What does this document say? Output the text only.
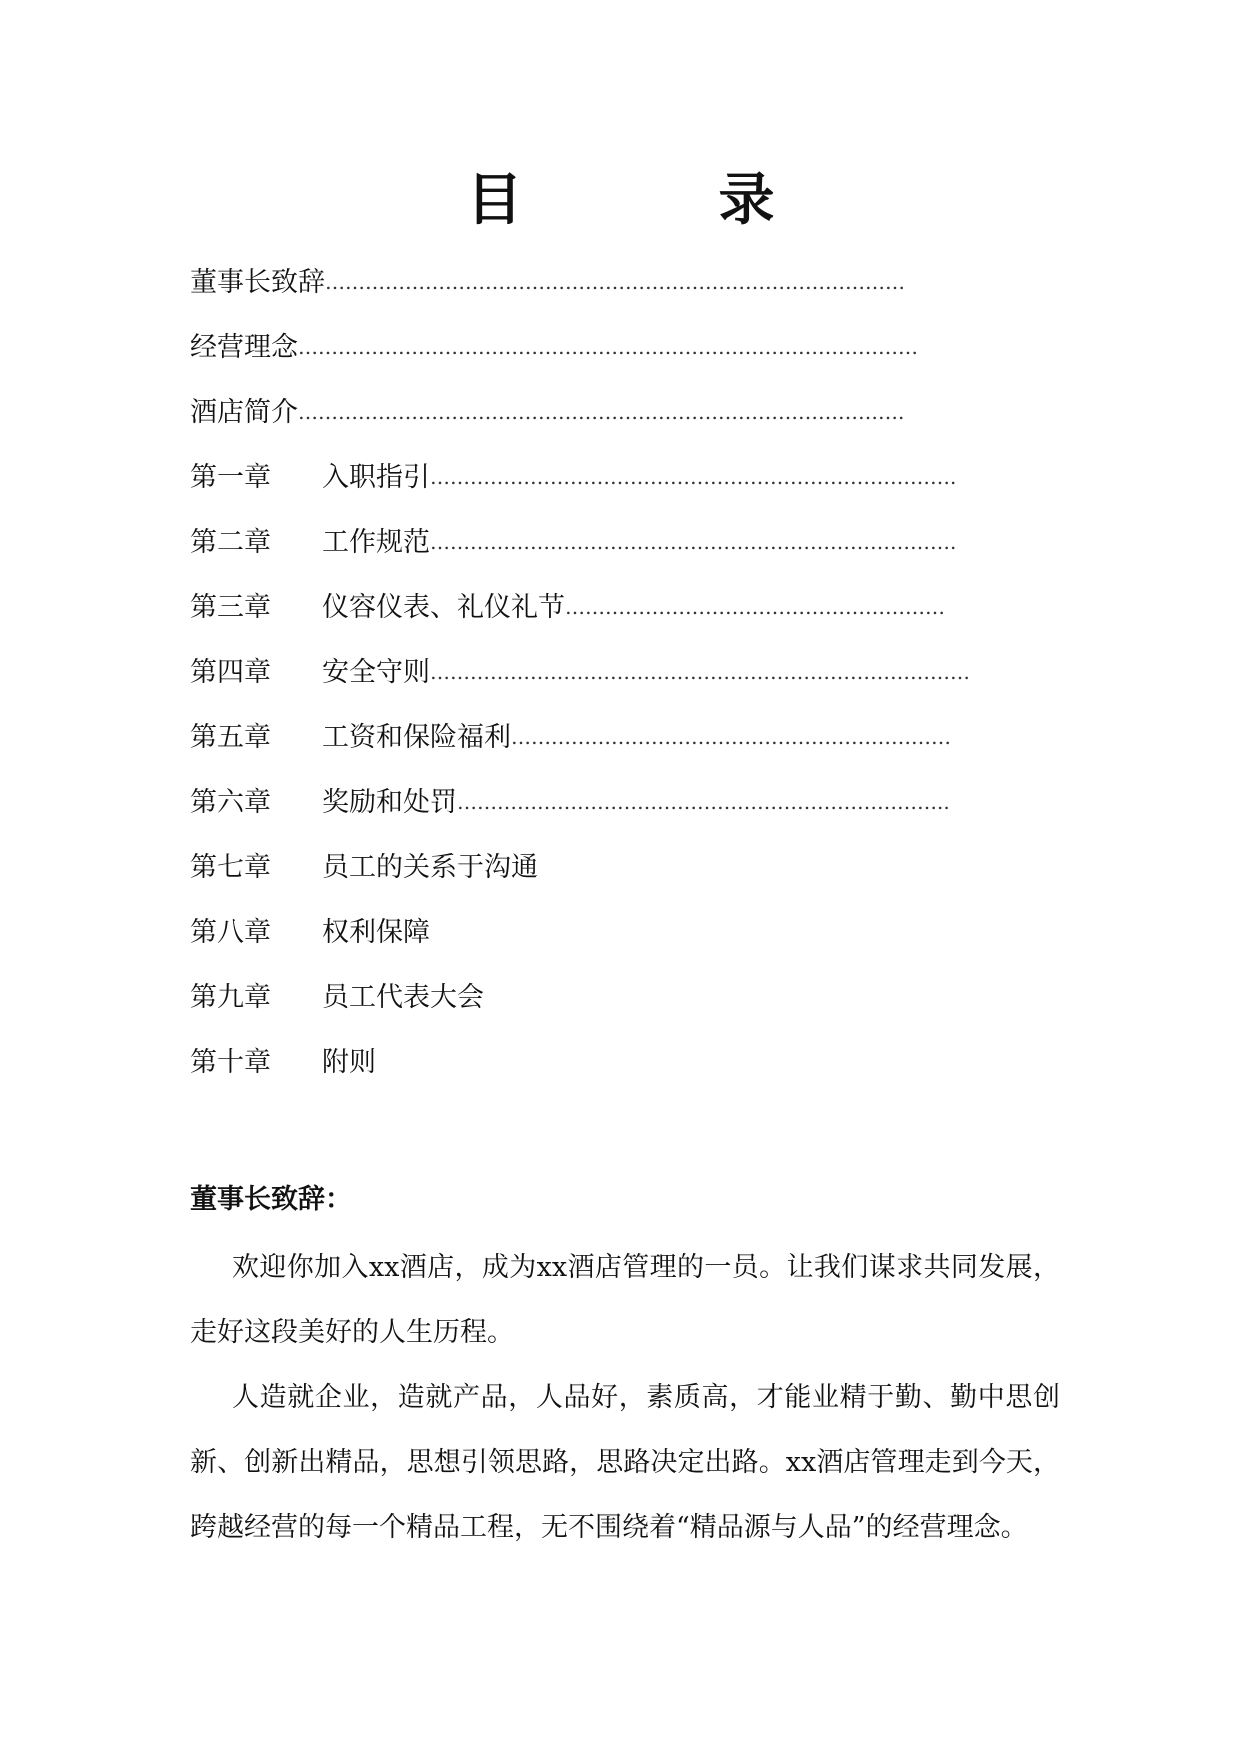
目　录
董事长致辞 ……………………………………………………………………………
经营理念 …………………………………………………………………………………
酒店简介 ……………………………………………………………………………….
第一章	入职指引 …………………………………………………………………….
第二章	工作规范 …………………………………………………………………….
第三章	仪容仪表、礼仪礼节 …………………………………………………
第四章	安全守则 ………………………………………………………………………
第五章	工资和保险福利 …………………………………………………………
第六章	奖励和处罚 ………………………………………………………………..
第七章	员工的关系于沟通
第八章	权利保障
第九章	员工代表大会
第十章	附则
董事长致辞：

欢迎你加入xx酒店，成为xx酒店管理的一员。让我们谋求共同发展，走好这段美好的人生历程。

人造就企业，造就产品，人品好，素质高，才能业精于勤、勤中思创新、创新出精品，思想引领思路，思路决定出路。xx酒店管理走到今天，跨越经营的每一个精品工程，无不围绕着“精品源与人品”的经营理念。
